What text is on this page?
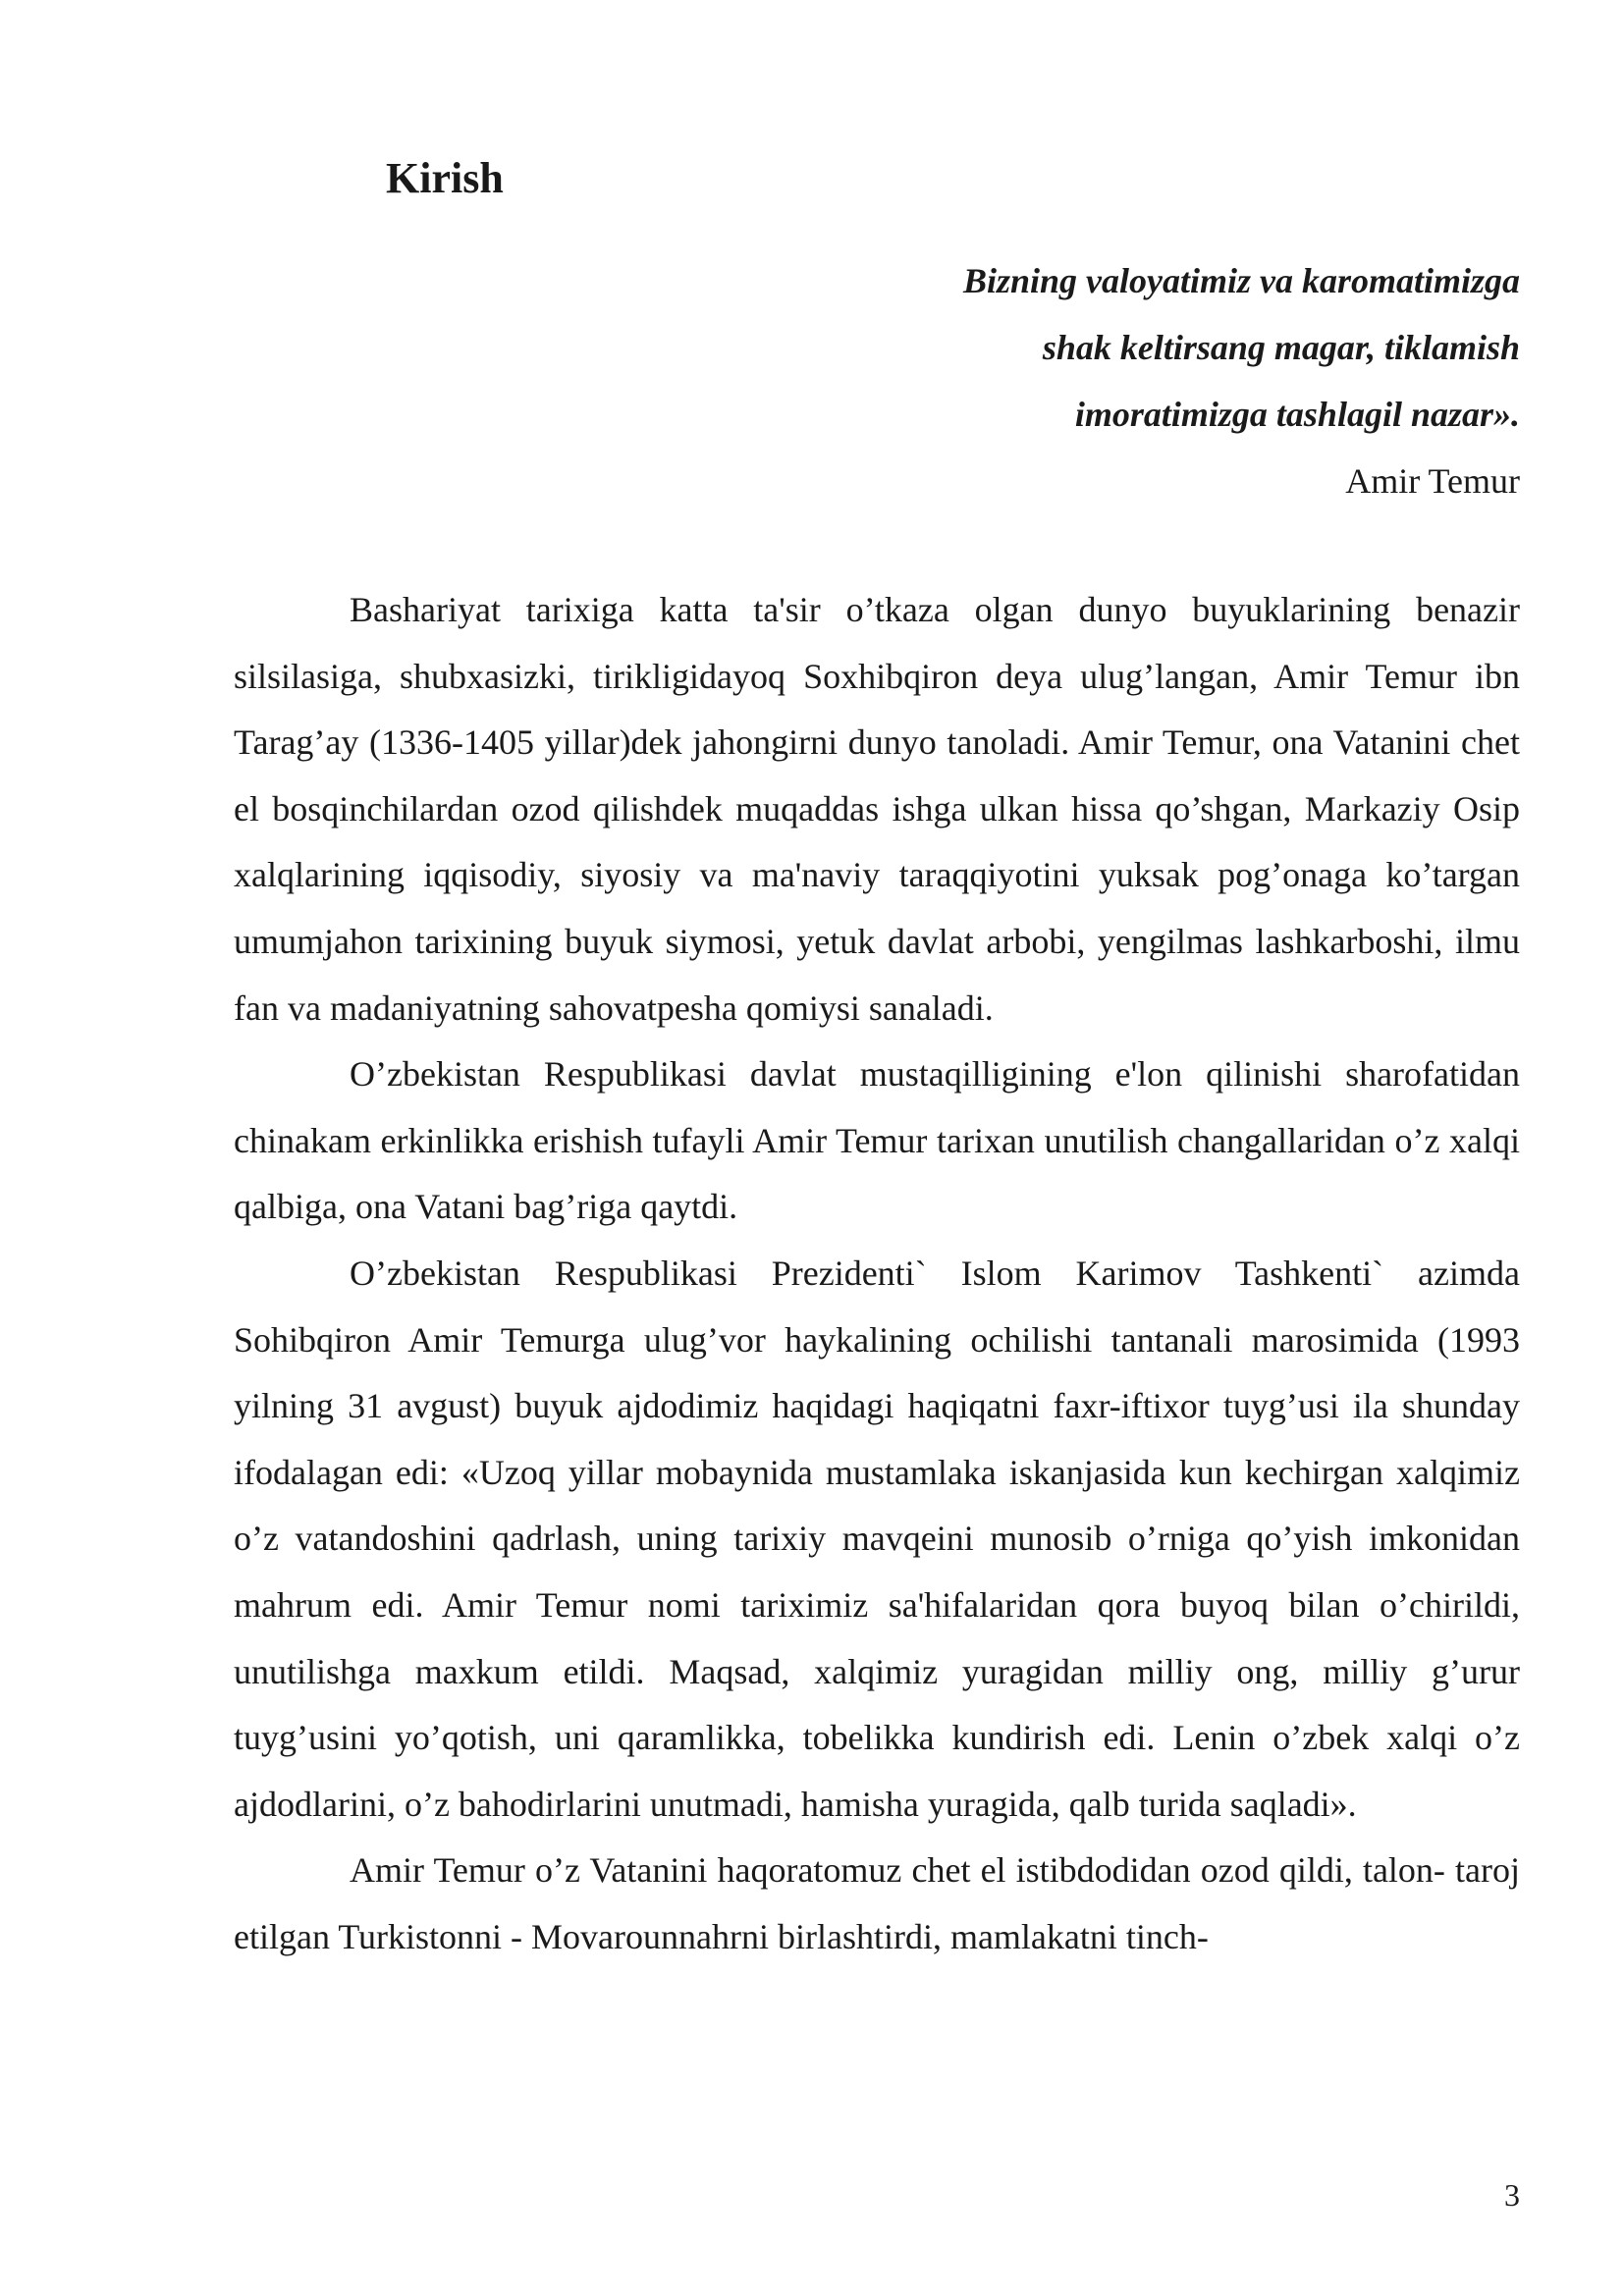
Kirish
Bizning valoyatimiz va karomatimizga
shak keltirsang magar, tiklamish
imoratimizga tashlagil nazar».
Amir Temur

Bashariyat tarixiga katta ta'sir o’tkaza olgan dunyo buyuklarining benazir silsilasiga, shubxasizki, tirikligidayoq Soxhibqiron deya ulug’langan, Amir Temur ibn Tarag’ay (1336-1405 yillar)dek jahongirni dunyo tanoladi. Amir Temur, ona Vatanini chet el bosqinchilardan ozod qilishdek muqaddas ishga ulkan hissa qo’shgan, Markaziy Osip xalqlarining iqqisodiy, siyosiy va ma'naviy taraqqiyotini yuksak pog’onaga ko’targan umumjahon tarixining buyuk siymosi, yetuk davlat arbobi, yengilmas lashkarboshi, ilmu fan va madaniyatning sahovatpesha qomiysi sanaladi.

O’zbekistan Respublikasi davlat mustaqilligining e'lon qilinishi sharofatidan chinakam erkinlikka erishish tufayli Amir Temur tarixan unutilish changallaridan o’z xalqi qalbiga, ona Vatani bag’riga qaytdi.

O’zbekistan Respublikasi Prezidenti` Islom Karimov Tashkenti` azimda Sohibqiron Amir Temurga ulug’vor haykalining ochilishi tantanali marosimida (1993 yilning 31 avgust) buyuk ajdodimiz haqidagi haqiqatni faxr-iftixor tuyg’usi ila shunday ifodalagan edi: «Uzoq yillar mobaynida mustamlaka iskanjasida kun kechirgan xalqimiz o’z vatandoshini qadrlash, uning tarixiy mavqeini munosib o’rniga qo’yish imkonidan mahrum edi. Amir Temur nomi tariximiz sa'hifalaridan qora buyoq bilan o’chirildi, unutilishga maxkum etildi. Maqsad, xalqimiz yuragidan milliy ong, milliy g’urur tuyg’usini yo’qotish, uni qaramlikka, tobelikka kundirish edi. Lenin o’zbek xalqi o’z ajdodlarini, o’z bahodirlarini unutmadi, hamisha yuragida, qalb turida saqladi».

Amir Temur o’z Vatanini haqoratomuz chet el istibdodidan ozod qildi, talon- taroj etilgan Turkistonni - Movarounnahrni birlashtirdi, mamlakatni tinch-

3
